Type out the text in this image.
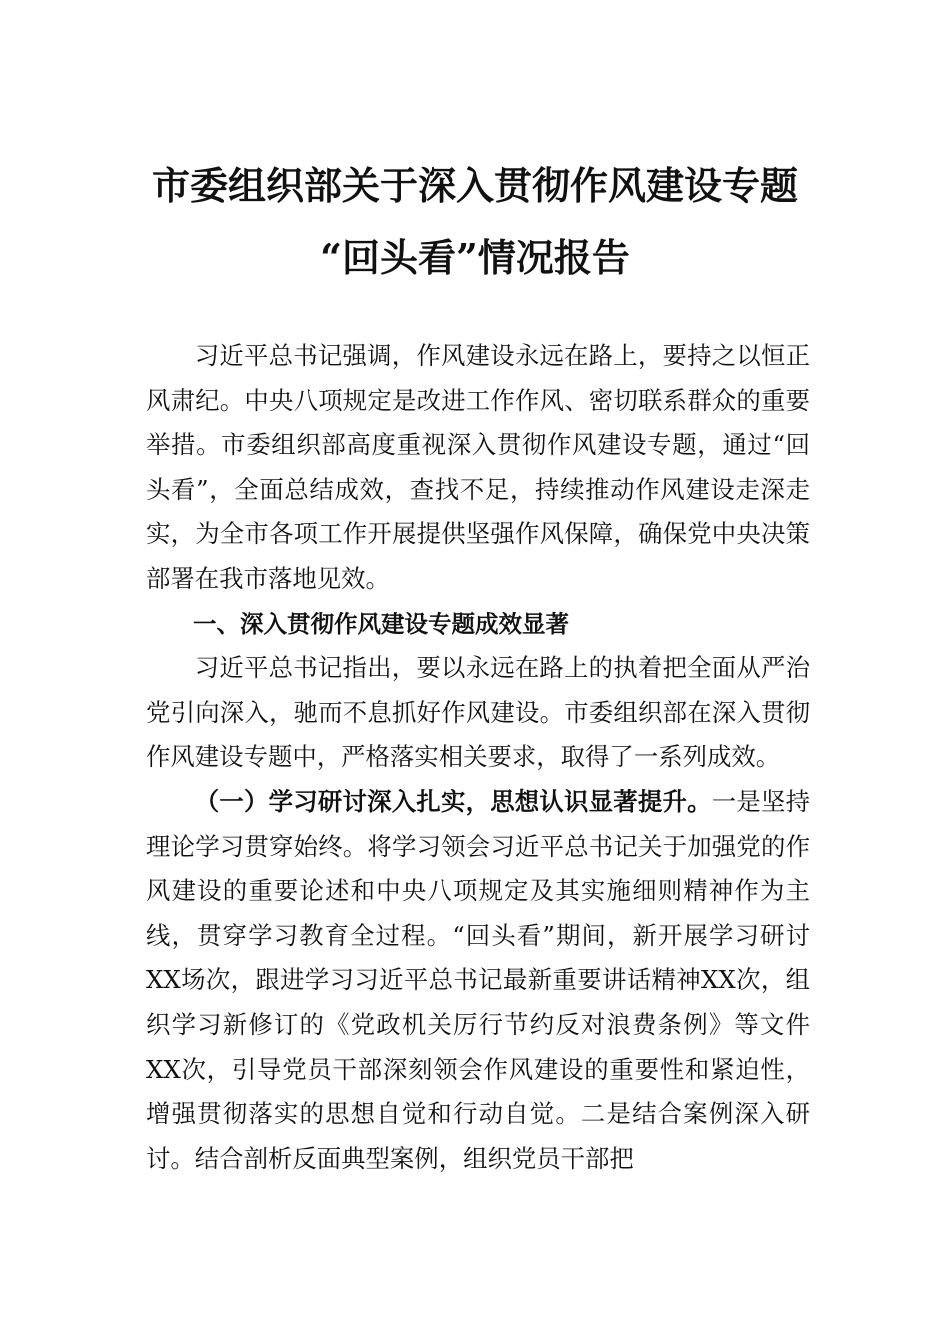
市委组织部关于深入贯彻作风建设专题
“回头看”情况报告

习近平总书记强调，作风建设永远在路上，要持之以恒正风肃纪。中央八项规定是改进工作作风、密切联系群众的重要举措。市委组织部高度重视深入贯彻作风建设专题，通过“回头看”，全面总结成效，查找不足，持续推动作风建设走深走实，为全市各项工作开展提供坚强作风保障，确保党中央决策部署在我市落地见效。

一、深入贯彻作风建设专题成效显著

习近平总书记指出，要以永远在路上的执着把全面从严治党引向深入，驰而不息抓好作风建设。市委组织部在深入贯彻作风建设专题中，严格落实相关要求，取得了一系列成效。

（一）学习研讨深入扎实，思想认识显著提升。一是坚持理论学习贯穿始终。将学习领会习近平总书记关于加强党的作风建设的重要论述和中央八项规定及其实施细则精神作为主线，贯穿学习教育全过程。“回头看”期间，新开展学习研讨XX场次，跟进学习习近平总书记最新重要讲话精神XX次，组织学习新修订的《党政机关厉行节约反对浪费条例》等文件XX次，引导党员干部深刻领会作风建设的重要性和紧迫性，增强贯彻落实的思想自觉和行动自觉。二是结合案例深入研讨。结合剖析反面典型案例，组织党员干部把
